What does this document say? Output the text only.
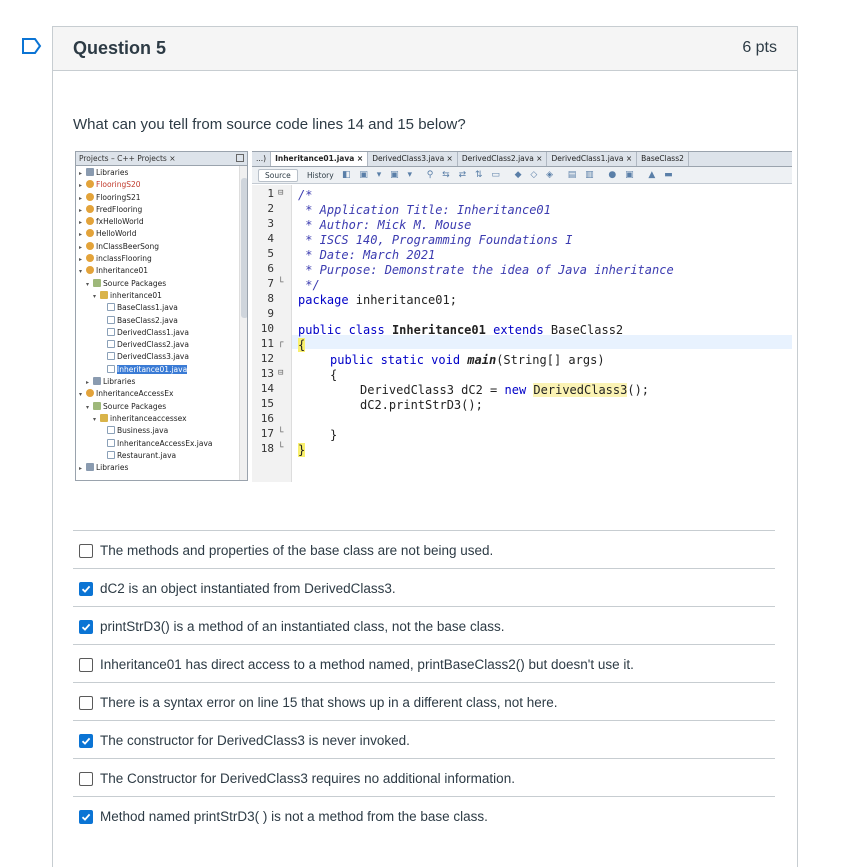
Question 5	6 pts
What can you tell from source code lines 14 and 15 below?
Projects – C++ Projects ×
▸ Libraries
▸ FlooringS20
▸ FlooringS21
▸ FredFlooring
▸ fxHelloWorld
▸ HelloWorld
▸ InClassBeerSong
▸ inclassFlooring
▾ Inheritance01
▾ Source Packages
▾ inheritance01
BaseClass1.java
BaseClass2.java
DerivedClass1.java
DerivedClass2.java
DerivedClass3.java
Inheritance01.java
▸ Libraries
▾ InheritanceAccessEx
▾ Source Packages
▾ inheritanceaccessex
Business.java
InheritanceAccessEx.java
Restaurant.java
▸ Libraries
...) Inheritance01.java × DerivedClass3.java × DerivedClass2.java × DerivedClass1.java × BaseClass2
Source	History ◧ ▣ ▾ ▣ ▾  ⚲ ⇆ ⇄ ⇅ ▭  ◆ ◇ ◈  ▤ ▥  ● ▣  ▲ ▬
1 ⊟
2
3
4
5
6
7 └
8
9
10
11 ┌
12
13 ⊟
14
15
16
17 └
18 └
/*
* Application Title: Inheritance01
* Author: Mick M. Mouse
* ISCS 140, Programming Foundations I
* Date: March 2021
* Purpose: Demonstrate the idea of Java inheritance
*/
package inheritance01;
public class Inheritance01 extends BaseClass2
{
public static void main(String[] args)
{
DerivedClass3 dC2 = new DerivedClass3();
dC2.printStrD3();
}
}
The methods and properties of the base class are not being used.
dC2 is an object instantiated from DerivedClass3.
printStrD3() is a method of an instantiated class, not the base class.
Inheritance01 has direct access to a method named, printBaseClass2() but doesn't use it.
There is a syntax error on line 15 that shows up in a different class, not here.
The constructor for DerivedClass3 is never invoked.
The Constructor for DerivedClass3 requires no additional information.
Method named printStrD3( ) is not a method from the base class.
